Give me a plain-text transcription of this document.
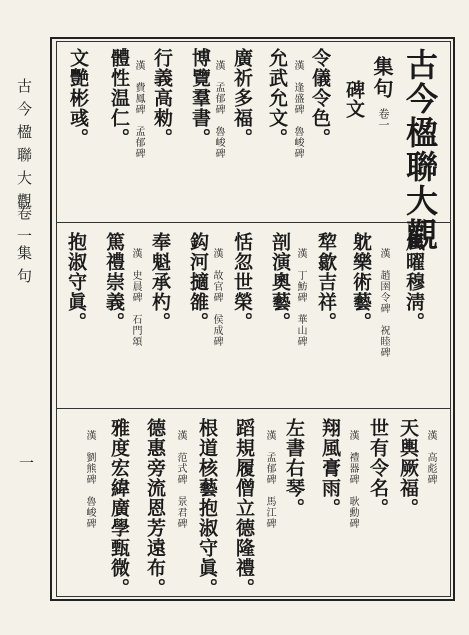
古今楹聯大觀
卷一
集句
一
古今楹聯大觀
集句
卷一
碑文
令儀令色。
漢　逢盛碑　魯峻碑
允武允文。
廣祈多福。
漢　孟郁碑　魯峻碑
博覽羣書。
行義高勑。
漢　費鳳碑　孟郁碑
體性温仁。
文艷彬彧。
風曜穆淸。
漢　趙圉令碑　祝睦碑
躭樂術藝。
犂歙吉祥。
漢　丁魴碑　華山碑
剖演奧藝。
恬忽世榮。
漢　故官碑　侯成碑
鈎河擿雒。
奉魁承杓。
漢　史晨碑　石門頌
篤禮崇義。
抱淑守眞。
漢　高彪碑
天輿厥福。
世有令名。
漢　禮器碑　耿勳碑
翔風膏雨。
左書右琴。
漢　孟郁碑　馬江碑
蹈規履僧立德隆禮。
根道核藝抱淑守眞。
漢　范式碑　景君碑
德惠旁流恩芳遠布。
雅度宏緯廣學甄微。
漢　劉熊碑　魯峻碑
